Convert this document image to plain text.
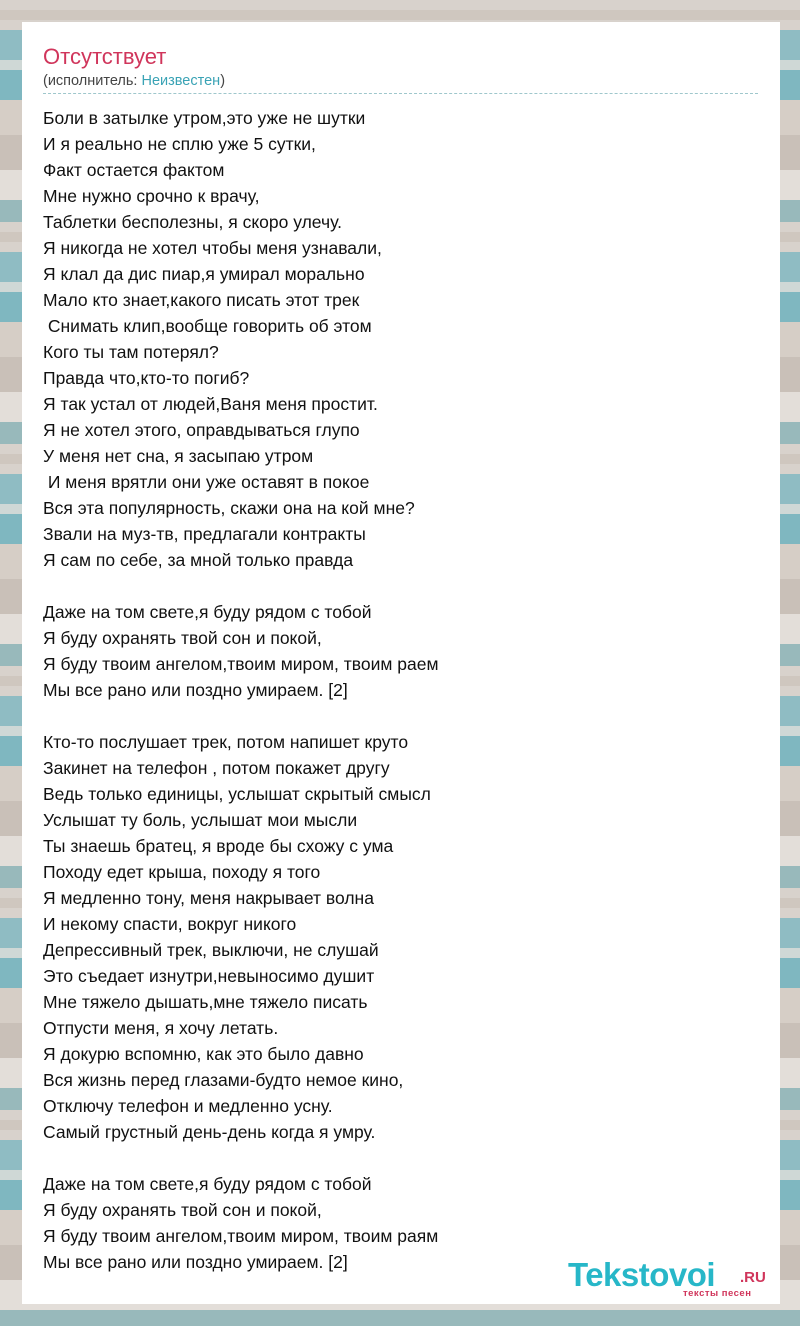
Отсутствует
(исполнитель: Неизвестен)
Боли в затылке утром,это уже не шутки
И я реально не сплю уже 5 сутки,
Факт остается фактом
Мне нужно срочно к врачу,
Таблетки бесполезны, я скоро улечу.
Я никогда не хотел чтобы меня узнавали,
Я клал да дис пиар,я умирал морально
Мало кто знает,какого писать этот трек
Снимать клип,вообще говорить об этом
Кого ты там потерял?
Правда что,кто-то погиб?
Я так устал от людей,Ваня меня простит.
Я не хотел этого, оправдываться глупо
У меня нет сна, я засыпаю утром
И меня врятли они уже оставят в покое
Вся эта популярность, скажи она на кой мне?
Звали на муз-тв, предлагали контракты
Я сам по себе, за мной только правда
Даже на том свете,я буду рядом с тобой
Я буду охранять твой сон и покой,
Я буду твоим ангелом,твоим миром, твоим раем
Мы все рано или поздно умираем. [2]
Кто-то послушает трек, потом напишет круто
Закинет на телефон , потом покажет другу
Ведь только единицы, услышат скрытый смысл
Услышат ту боль, услышат мои мысли
Ты знаешь братец, я вроде бы схожу с ума
Походу едет крыша, походу я того
Я медленно тону, меня накрывает волна
И некому спасти, вокруг никого
Депрессивный трек, выключи, не слушай
Это съедает изнутри,невыносимо душит
Мне тяжело дышать,мне тяжело писать
Отпусти меня, я хочу летать.
Я докурю вспомню, как это было давно
Вся жизнь перед глазами-будто немое кино,
Отключу телефон и медленно усну.
Самый грустный день-день когда я умру.
Даже на том свете,я буду рядом с тобой
Я буду охранять твой сон и покой,
Я буду твоим ангелом,твоим миром, твоим раям
Мы все рано или поздно умираем. [2]	Tekstovoi .RU
тексты песен
